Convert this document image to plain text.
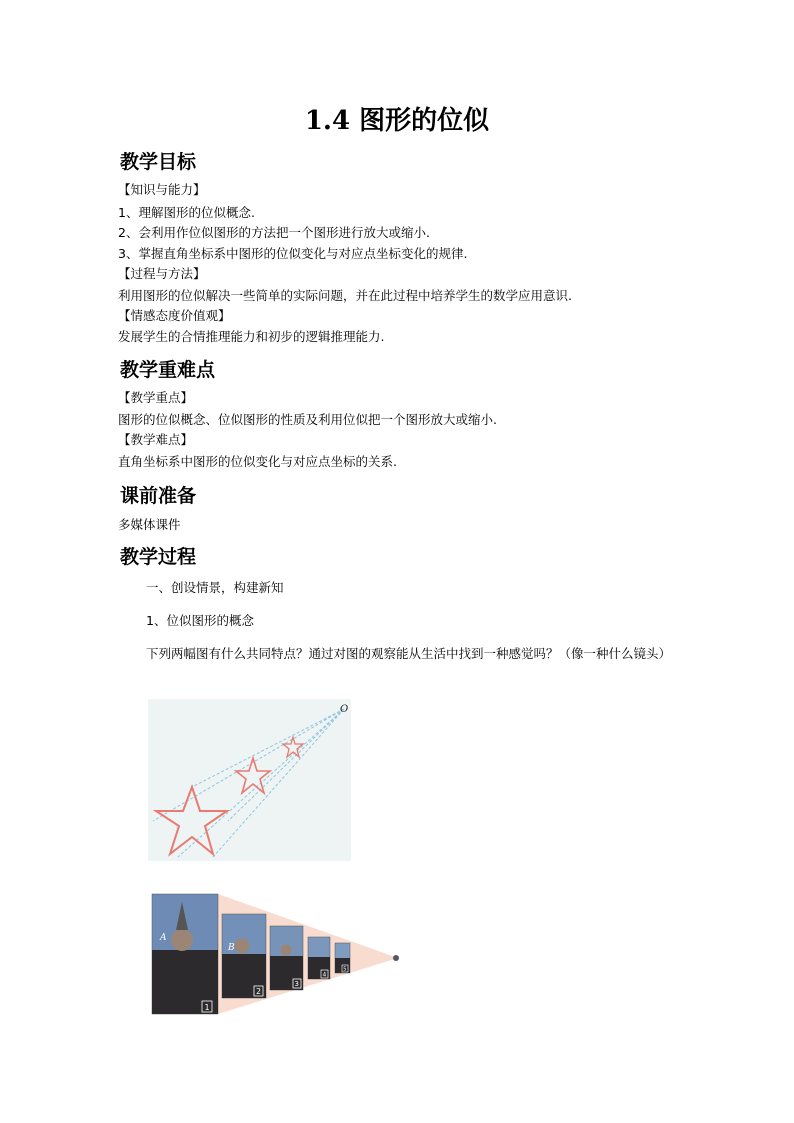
1.4 图形的位似
教学目标

【知识与能力】

1、理解图形的位似概念.

2、会利用作位似图形的方法把一个图形进行放大或缩小.

3、掌握直角坐标系中图形的位似变化与对应点坐标变化的规律.

【过程与方法】

利用图形的位似解决一些简单的实际问题，并在此过程中培养学生的数学应用意识.

【情感态度价值观】

发展学生的合情推理能力和初步的逻辑推理能力.

教学重难点

【教学重点】

图形的位似概念、位似图形的性质及利用位似把一个图形放大或缩小.

【教学难点】

直角坐标系中图形的位似变化与对应点坐标的关系.

课前准备

多媒体课件

教学过程

一、创设情景，构建新知

1、位似图形的概念

下列两幅图有什么共同特点？通过对图的观察能从生活中找到一种感觉吗？（像一种什么镜头）

O
A
B
1
2
3
4
5
